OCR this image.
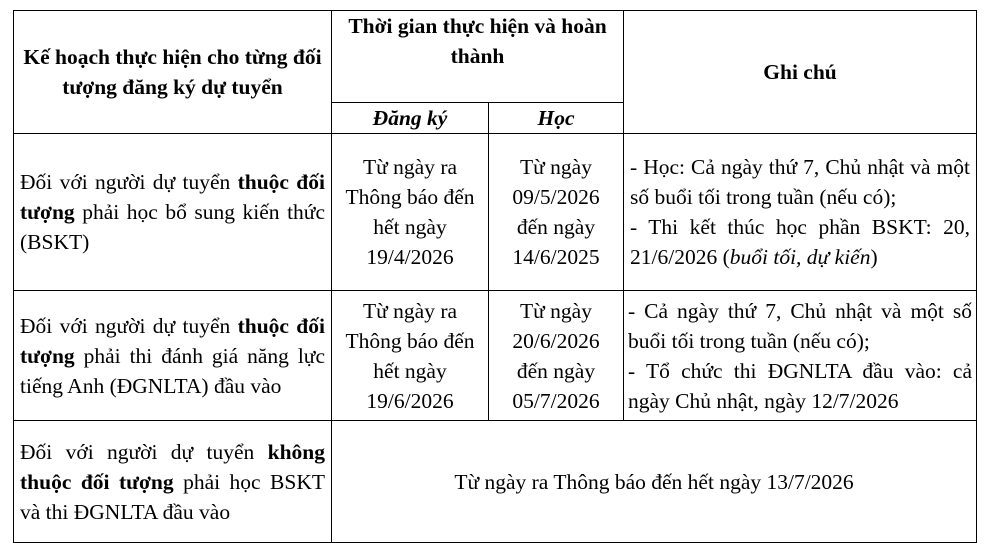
Kế hoạch thực hiện cho từng đối tượng đăng ký dự tuyển	Thời gian thực hiện và hoàn thành		Ghi chú
	Đăng ký	Học	
Đối với người dự tuyển thuộc đối tượng phải học bổ sung kiến thức (BSKT)	Từ ngày ra Thông báo đến hết ngày 19/4/2026	Từ ngày 09/5/2026 đến ngày 14/6/2025	- Học: Cả ngày thứ 7, Chủ nhật và một số buổi tối trong tuần (nếu có);
- Thi kết thúc học phần BSKT: 20, 21/6/2026 (buổi tối, dự kiến)

Đối với người dự tuyển thuộc đối tượng phải thi đánh giá năng lực tiếng Anh (ĐGNLTA) đầu vào	Từ ngày ra Thông báo đến hết ngày 19/6/2026	Từ ngày 20/6/2026 đến ngày 05/7/2026	- Cả ngày thứ 7, Chủ nhật và một số buổi tối trong tuần (nếu có);
- Tổ chức thi ĐGNLTA đầu vào: cả ngày Chủ nhật, ngày 12/7/2026

Đối với người dự tuyển không thuộc đối tượng phải học BSKT và thi ĐGNLTA đầu vào	Từ ngày ra Thông báo đến hết ngày 13/7/2026		
